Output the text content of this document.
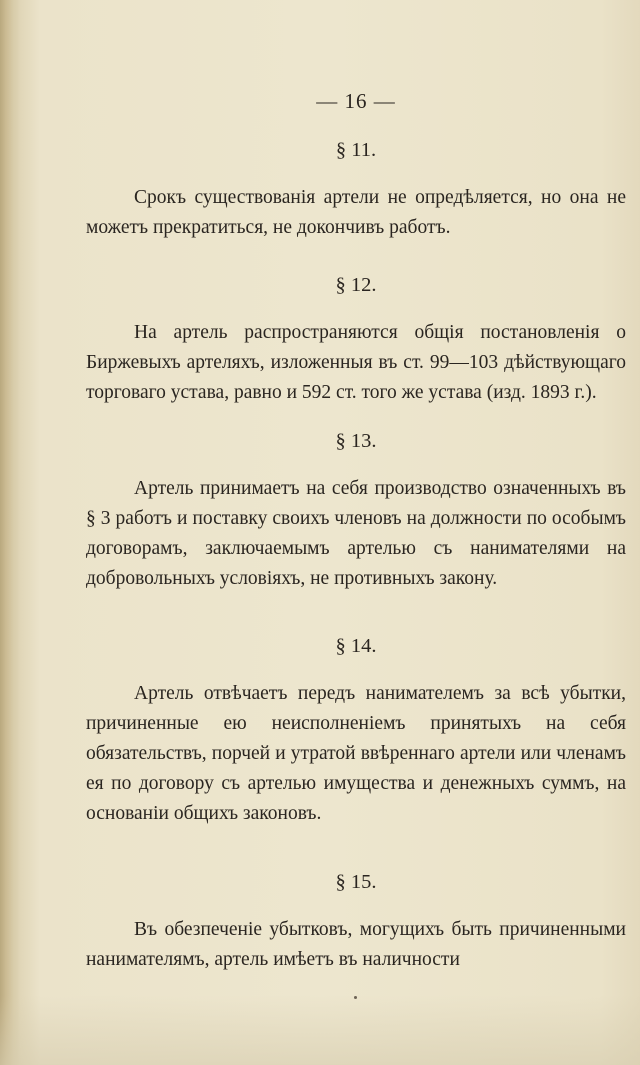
— 16 —
§ 11.

Срокъ существованія артели не опредѣляется, но она не можетъ прекратиться, не докончивъ работъ.

§ 12.

На артель распространяются общія постановленія о Биржевыхъ артеляхъ, изложенныя въ ст. 99—103 дѣйствующаго торговаго устава, равно и 592 ст. того же устава (изд. 1893 г.).

§ 13.

Артель принимаетъ на себя производство означенныхъ въ § 3 работъ и поставку своихъ членовъ на должности по особымъ договорамъ, заключаемымъ артелью съ нанимателями на добровольныхъ условіяхъ, не противныхъ закону.

§ 14.

Артель отвѣчаетъ передъ нанимателемъ за всѣ убытки, причиненные ею неисполненіемъ принятыхъ на себя обязательствъ, порчей и утратой ввѣреннаго артели или членамъ ея по договору съ артелью имущества и денежныхъ суммъ, на основаніи общихъ законовъ.

§ 15.

Въ обезпеченіе убытковъ, могущихъ быть причиненными нанимателямъ, артель имѣетъ въ наличности
